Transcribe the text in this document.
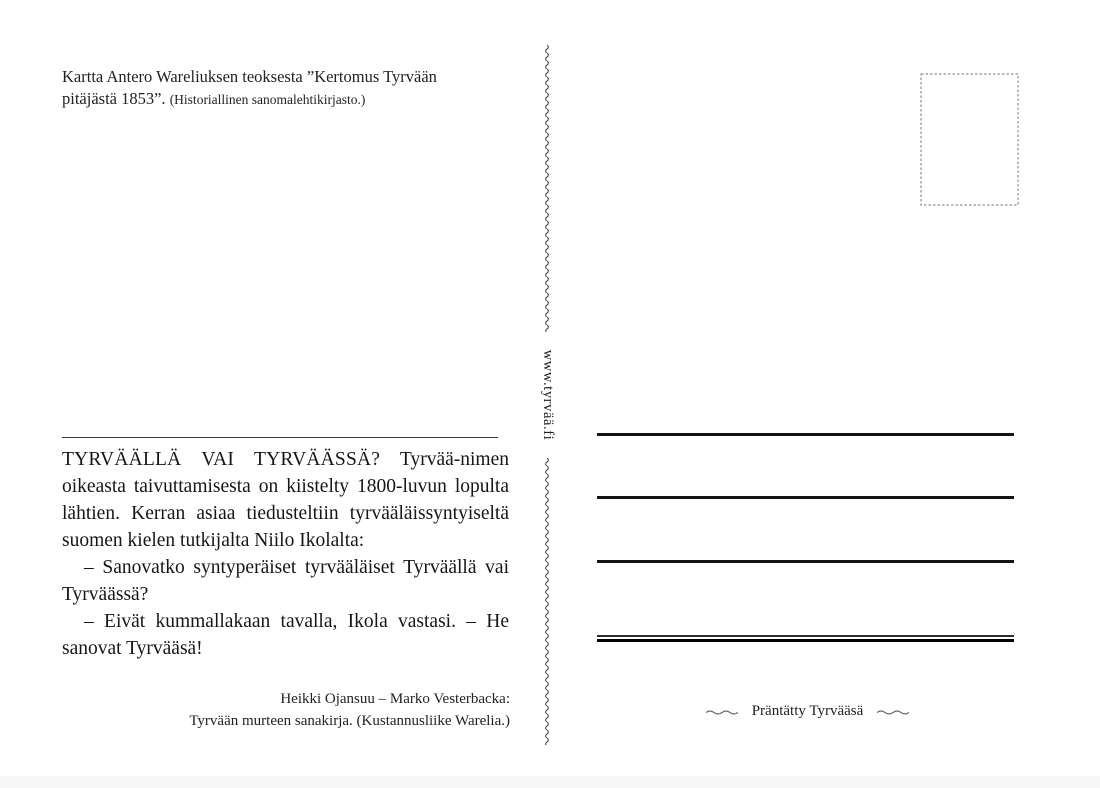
Kartta Antero Wareliuksen teoksesta ”Kertomus Tyrvään pitäjästä 1853”. (Historiallinen sanomalehtikirjasto.)

TYRVÄÄLLÄ VAI TYRVÄÄSSÄ? Tyrvää-nimen oikeasta taivuttamisesta on kiistelty 1800-luvun lopulta lähtien. Kerran asiaa tiedusteltiin tyrvääläissyntyiseltä suomen kielen tutkijalta Niilo Ikolalta:

– Sanovatko syntyperäiset tyrvääläiset Tyrväällä vai Tyrväässä?

– Eivät kummallakaan tavalla, Ikola vastasi. – He sanovat Tyrvääsä!

Heikki Ojansuu – Marko Vesterbacka:
Tyrvään murteen sanakirja. (Kustannusliike Warelia.)
www.tyrvää.fi
Präntätty Tyrvääsä
